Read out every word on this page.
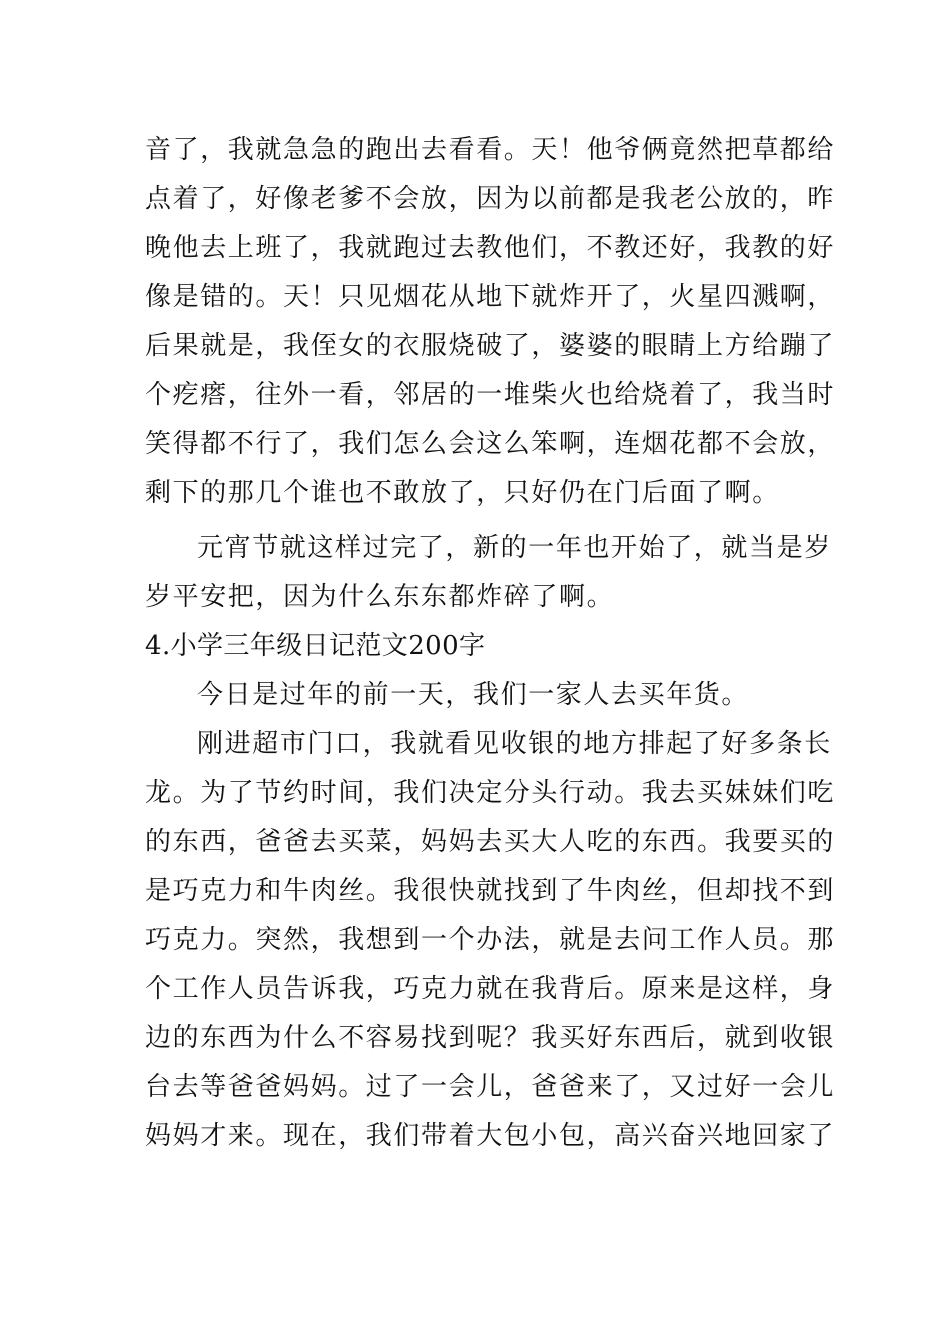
音了，我就急急的跑出去看看。天！他爷俩竟然把草都给
点着了，好像老爹不会放，因为以前都是我老公放的，昨
晚他去上班了，我就跑过去教他们，不教还好，我教的好
像是错的。天！只见烟花从地下就炸开了，火星四溅啊，
后果就是，我侄女的衣服烧破了，婆婆的眼睛上方给蹦了
个疙瘩，往外一看，邻居的一堆柴火也给烧着了，我当时
笑得都不行了，我们怎么会这么笨啊，连烟花都不会放，
剩下的那几个谁也不敢放了，只好仍在门后面了啊。
元宵节就这样过完了，新的一年也开始了，就当是岁
岁平安把，因为什么东东都炸碎了啊。
4.小学三年级日记范文200字
今日是过年的前一天，我们一家人去买年货。
刚进超市门口，我就看见收银的地方排起了好多条长
龙。为了节约时间，我们决定分头行动。我去买妹妹们吃
的东西，爸爸去买菜，妈妈去买大人吃的东西。我要买的
是巧克力和牛肉丝。我很快就找到了牛肉丝，但却找不到
巧克力。突然，我想到一个办法，就是去问工作人员。那
个工作人员告诉我，巧克力就在我背后。原来是这样，身
边的东西为什么不容易找到呢？我买好东西后，就到收银
台去等爸爸妈妈。过了一会儿，爸爸来了，又过好一会儿
妈妈才来。现在，我们带着大包小包，高兴奋兴地回家了
